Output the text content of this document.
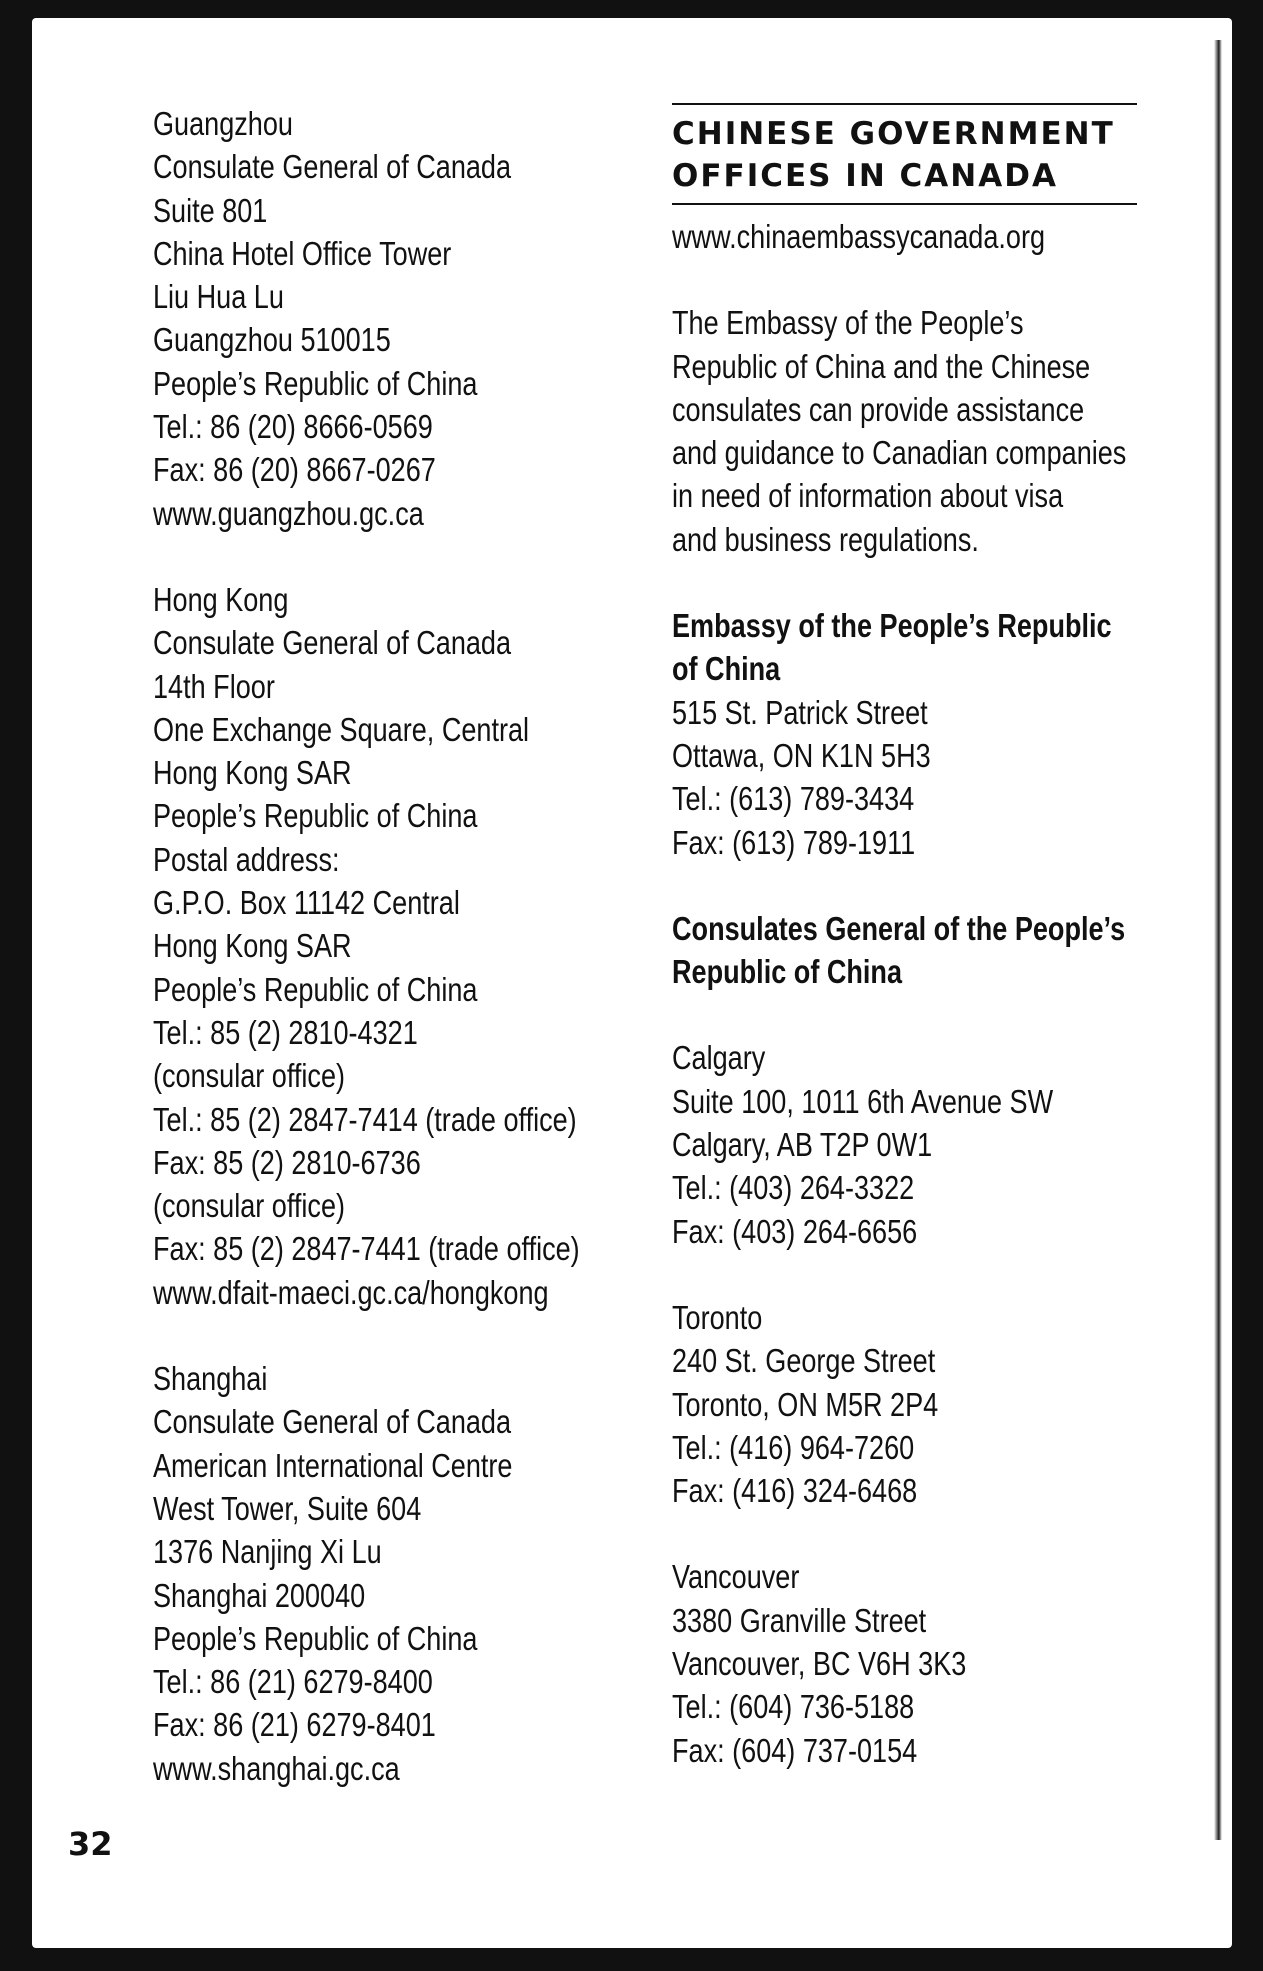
Guangzhou
Consulate General of Canada
Suite 801
China Hotel Office Tower
Liu Hua Lu
Guangzhou 510015
People’s Republic of China
Tel.: 86 (20) 8666-0569
Fax: 86 (20) 8667-0267
www.guangzhou.gc.ca
Hong Kong
Consulate General of Canada
14th Floor
One Exchange Square, Central
Hong Kong SAR
People’s Republic of China
Postal address:
G.P.O. Box 11142 Central
Hong Kong SAR
People’s Republic of China
Tel.: 85 (2) 2810-4321
(consular office)
Tel.: 85 (2) 2847-7414 (trade office)
Fax: 85 (2) 2810-6736
(consular office)
Fax: 85 (2) 2847-7441 (trade office)
www.dfait-maeci.gc.ca/hongkong
Shanghai
Consulate General of Canada
American International Centre
West Tower, Suite 604
1376 Nanjing Xi Lu
Shanghai 200040
People’s Republic of China
Tel.: 86 (21) 6279-8400
Fax: 86 (21) 6279-8401
www.shanghai.gc.ca
CHINESE GOVERNMENT
OFFICES IN CANADA
www.chinaembassycanada.org
The Embassy of the People’s
Republic of China and the Chinese
consulates can provide assistance
and guidance to Canadian companies
in need of information about visa
and business regulations.
Embassy of the People’s Republic
of China
515 St. Patrick Street
Ottawa, ON K1N 5H3
Tel.: (613) 789-3434
Fax: (613) 789-1911
Consulates General of the People’s
Republic of China
Calgary
Suite 100, 1011 6th Avenue SW
Calgary, AB T2P 0W1
Tel.: (403) 264-3322
Fax: (403) 264-6656
Toronto
240 St. George Street
Toronto, ON M5R 2P4
Tel.: (416) 964-7260
Fax: (416) 324-6468
Vancouver
3380 Granville Street
Vancouver, BC V6H 3K3
Tel.: (604) 736-5188
Fax: (604) 737-0154
32
